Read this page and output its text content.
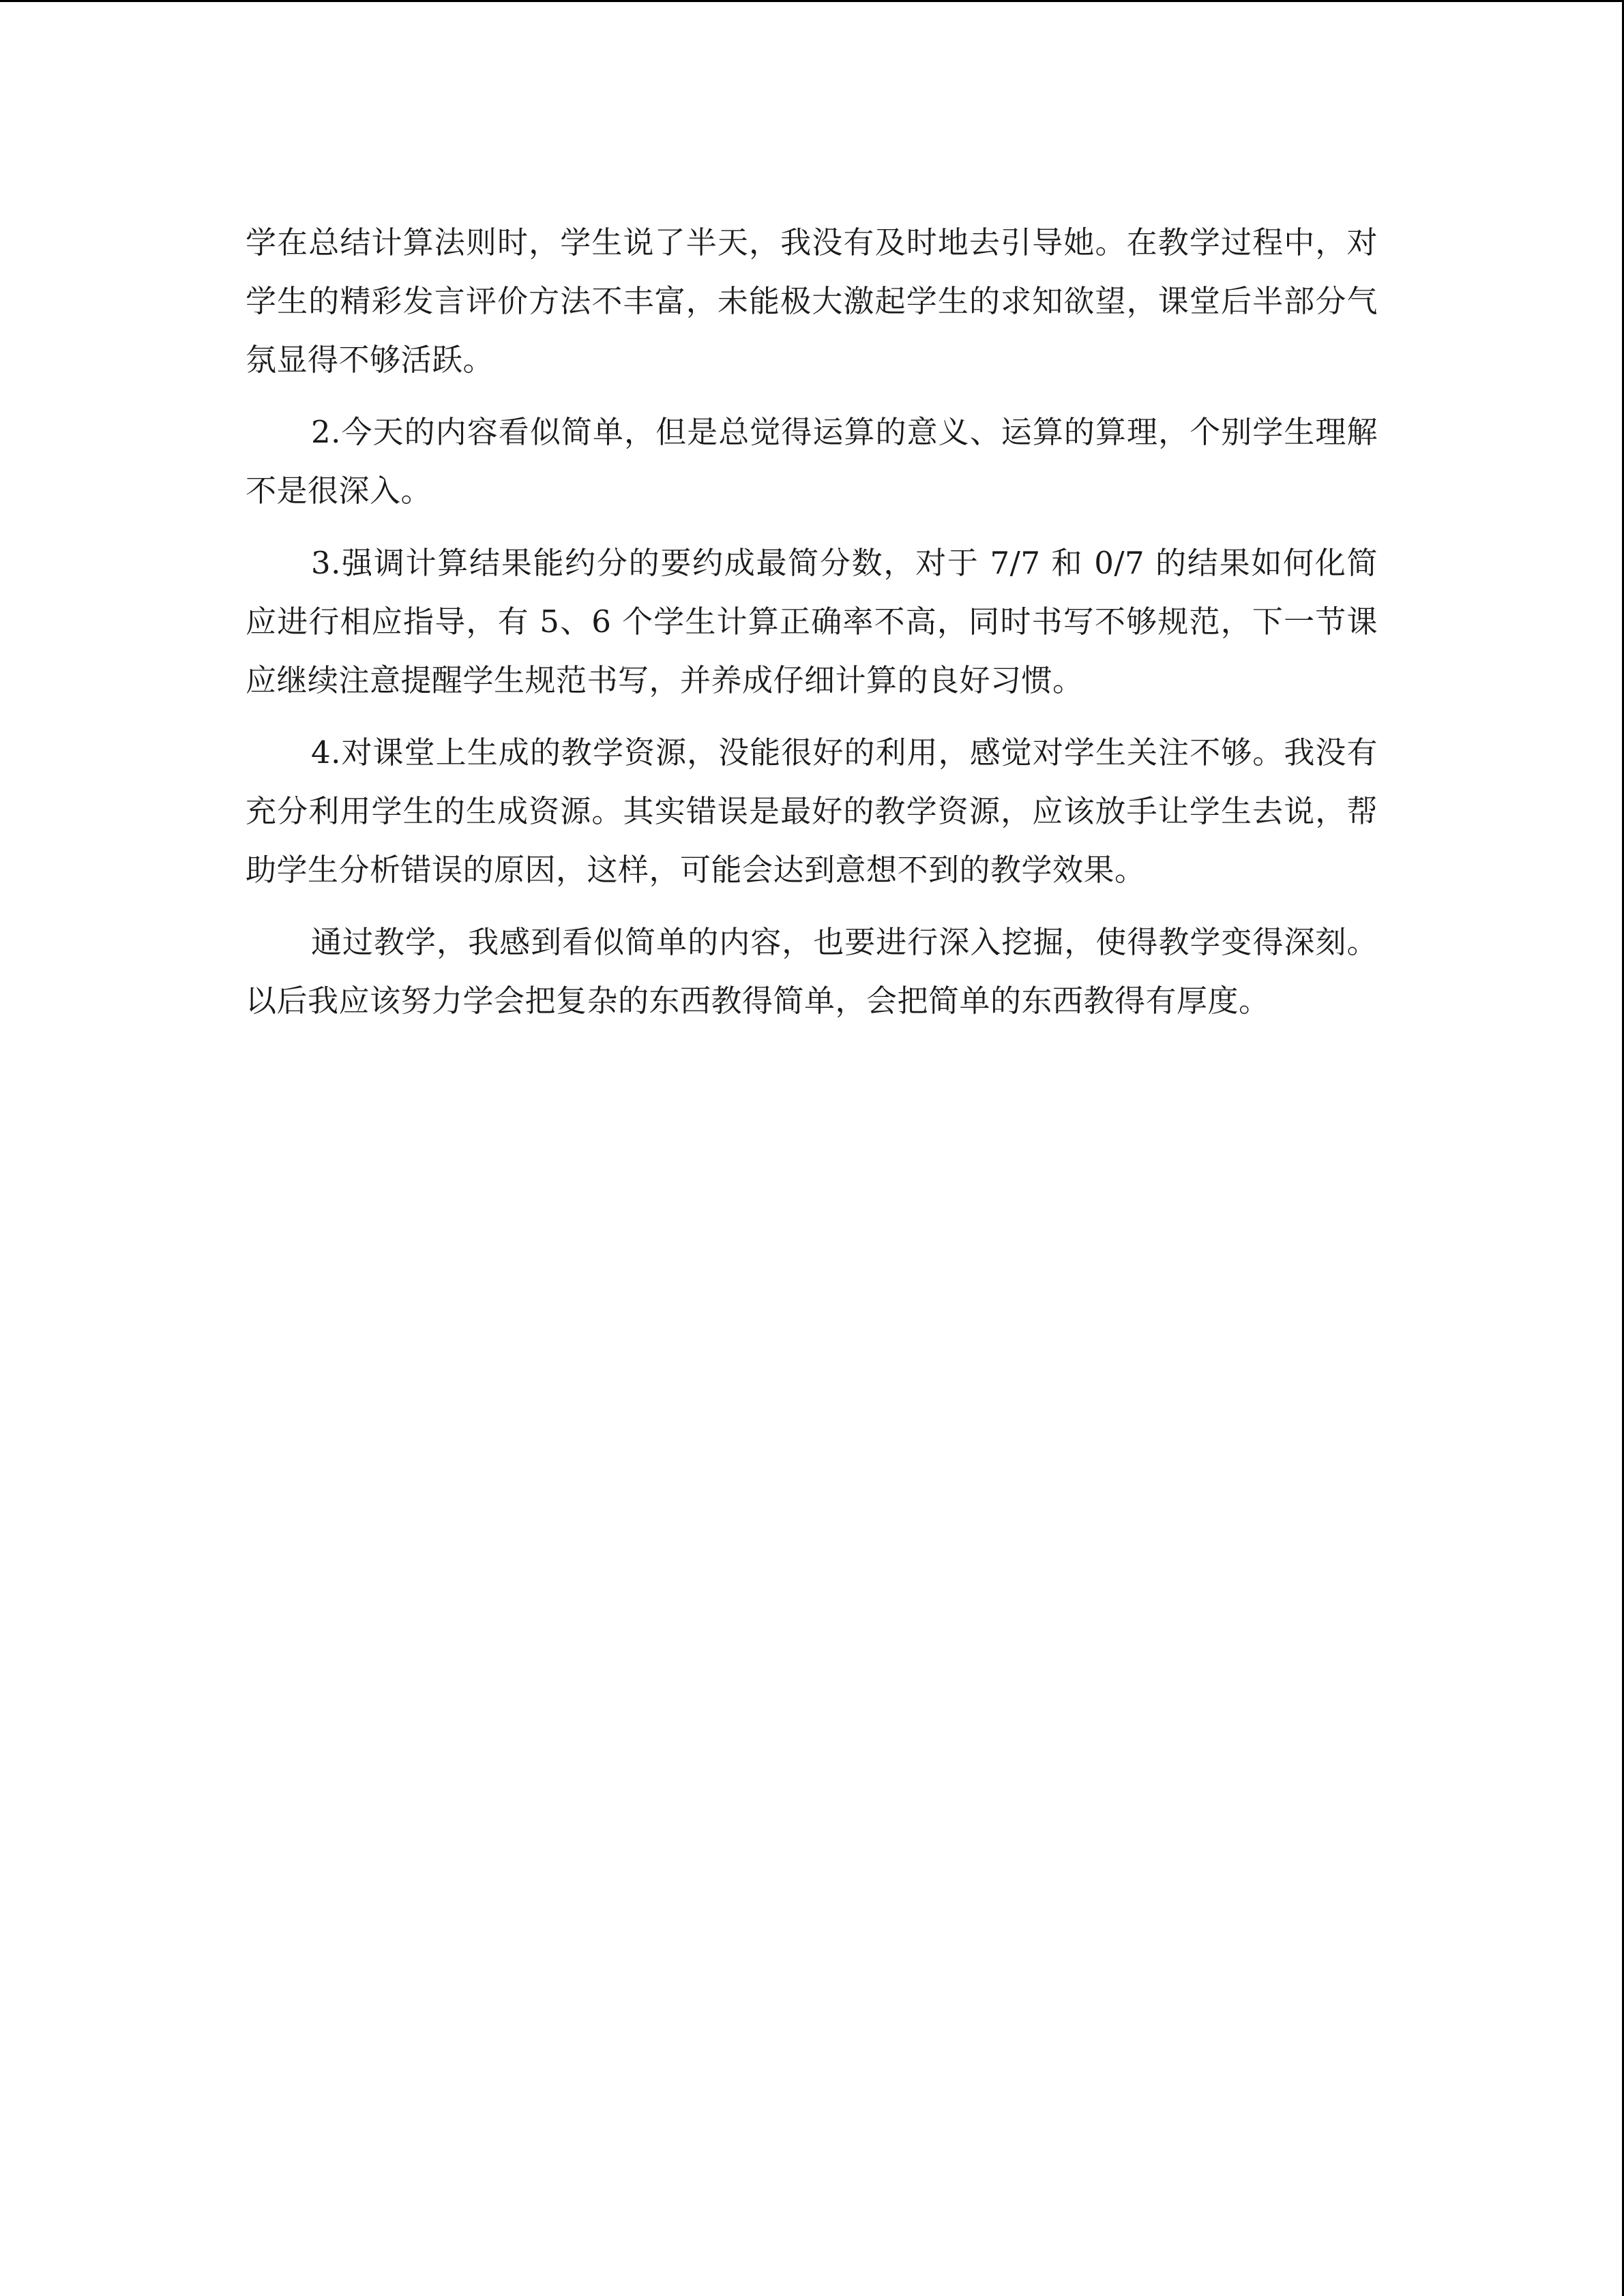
学在总结计算法则时，学生说了半天，我没有及时地去引导她。在教学过程中，对学生的精彩发言评价方法不丰富，未能极大激起学生的求知欲望，课堂后半部分气氛显得不够活跃。

2.今天的内容看似简单，但是总觉得运算的意义、运算的算理，个别学生理解不是很深入。

3.强调计算结果能约分的要约成最简分数，对于 7/7 和 0/7 的结果如何化简应进行相应指导，有 5、6 个学生计算正确率不高，同时书写不够规范，下一节课应继续注意提醒学生规范书写，并养成仔细计算的良好习惯。

4.对课堂上生成的教学资源，没能很好的利用，感觉对学生关注不够。我没有充分利用学生的生成资源。其实错误是最好的教学资源，应该放手让学生去说，帮助学生分析错误的原因，这样，可能会达到意想不到的教学效果。

通过教学，我感到看似简单的内容，也要进行深入挖掘，使得教学变得深刻。以后我应该努力学会把复杂的东西教得简单，会把简单的东西教得有厚度。
